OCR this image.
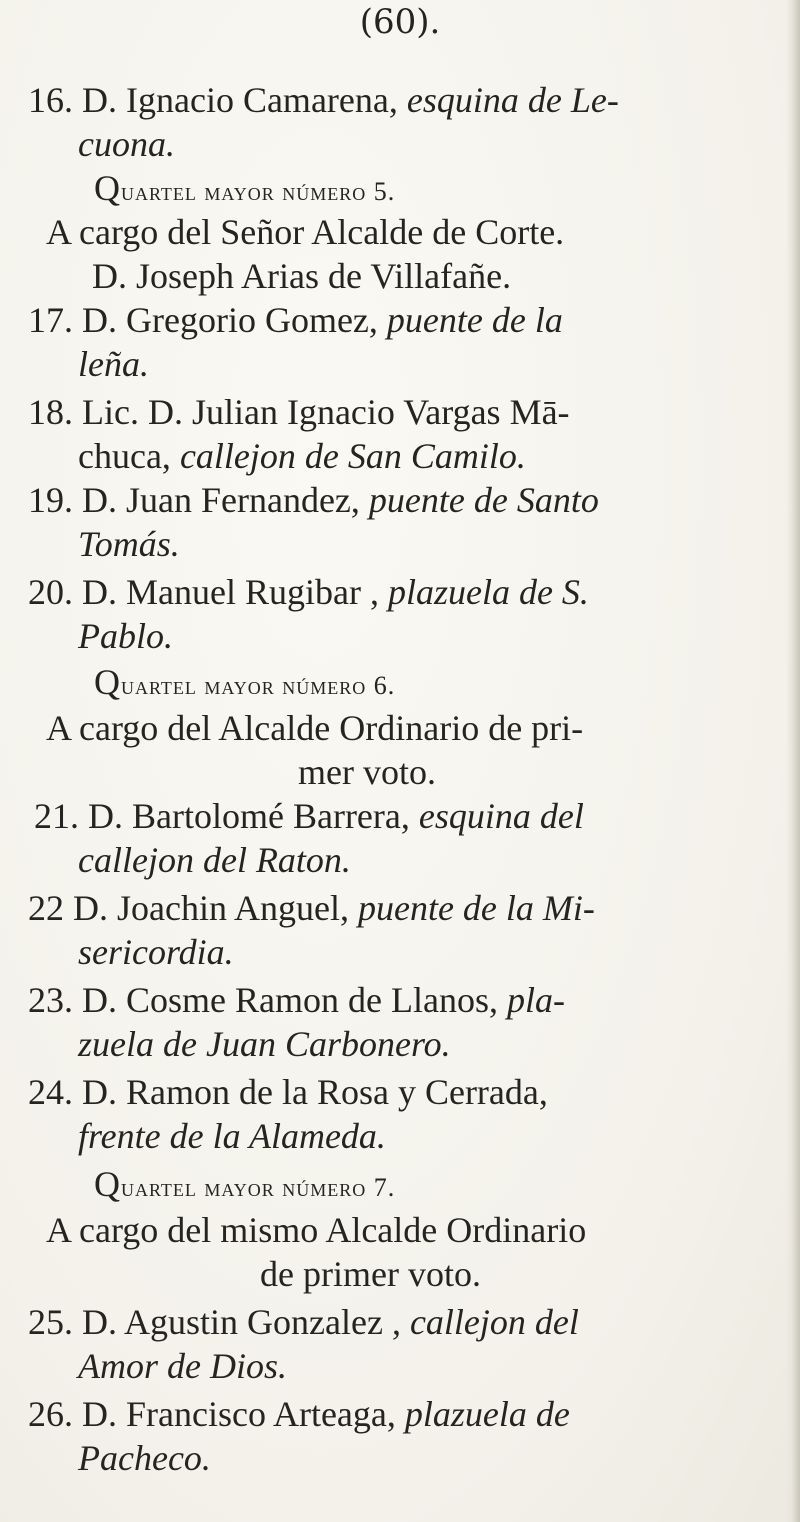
(60).
16. D. Ignacio Camarena, esquina de Le-
cuona.
Quartel mayor número 5.
A cargo del Señor Alcalde de Corte.
D. Joseph Arias de Villafañe.
17. D. Gregorio Gomez, puente de la
leña.
18. Lic. D. Julian Ignacio Vargas Mā-
chuca, callejon de San Camilo.
19. D. Juan Fernandez, puente de Santo
Tomás.
20. D. Manuel Rugibar , plazuela de S.
Pablo.
Quartel mayor número 6.
A cargo del Alcalde Ordinario de pri-
mer voto.
21. D. Bartolomé Barrera, esquina del
callejon del Raton.
22 D. Joachin Anguel, puente de la Mi-
sericordia.
23. D. Cosme Ramon de Llanos, pla-
zuela de Juan Carbonero.
24. D. Ramon de la Rosa y Cerrada,
frente de la Alameda.
Quartel mayor número 7.
A cargo del mismo Alcalde Ordinario
de primer voto.
25. D. Agustin Gonzalez , callejon del
Amor de Dios.
26. D. Francisco Arteaga, plazuela de
Pacheco.
